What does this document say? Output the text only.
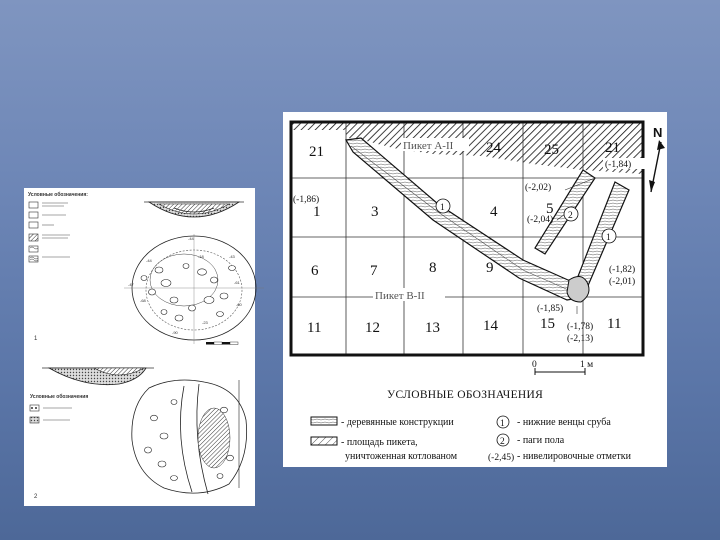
Условные обозначения:
-44
-43
-18
-44
-61
-68
-47
-60
-90
-23
1
Условные обозначения
2
21	24	25	21
1	3	4	5
6	7	8	9
11	12	13	14	15	11
Пикет А-II
Пикет В-II
(-1,84)
(-1,86)
(-2,02)
(-2,04)
(-1,82)
(-2,01)
(-1,85)
(-1,78)
(-2,13)
1
2
1
N
0	1 м
УСЛОВНЫЕ ОБОЗНАЧЕНИЯ
- деревянные конструкции
- площадь пикета,
уничтоженная котлованом
1 - нижние венцы сруба
2 - паги пола
(-2,45) - нивелировочные отметки
